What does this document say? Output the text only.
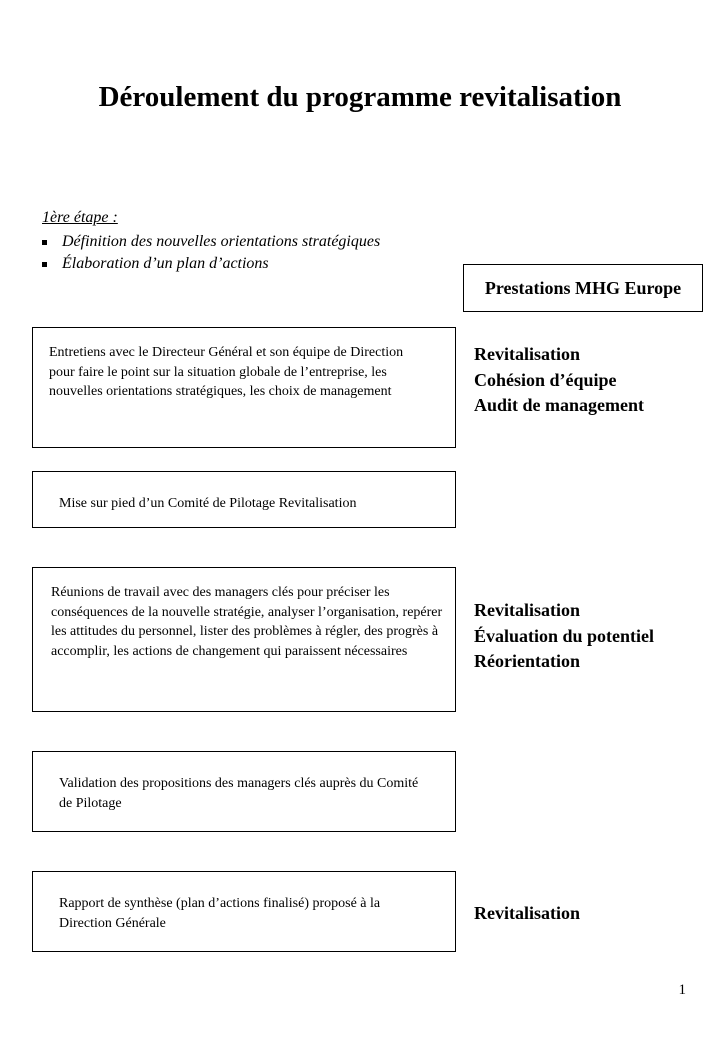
Déroulement du programme revitalisation
1ère étape :
Définition des nouvelles orientations stratégiques
Élaboration d’un plan d’actions
Prestations MHG Europe
Entretiens avec le Directeur Général et son équipe de Direction pour faire le point sur la situation globale de l’entreprise, les nouvelles orientations stratégiques, les choix de management
Mise sur pied d’un Comité de Pilotage Revitalisation
Réunions de travail avec des managers clés pour préciser les conséquences de la nouvelle stratégie, analyser l’organisation, repérer les attitudes du personnel, lister des problèmes à régler, des progrès à accomplir, les actions de changement qui paraissent nécessaires
Validation des propositions des managers clés auprès du Comité de Pilotage
Rapport de synthèse (plan d’actions finalisé) proposé à la Direction Générale
Revitalisation
Cohésion d’équipe
Audit de management
Revitalisation
Évaluation du potentiel
Réorientation
Revitalisation
1
